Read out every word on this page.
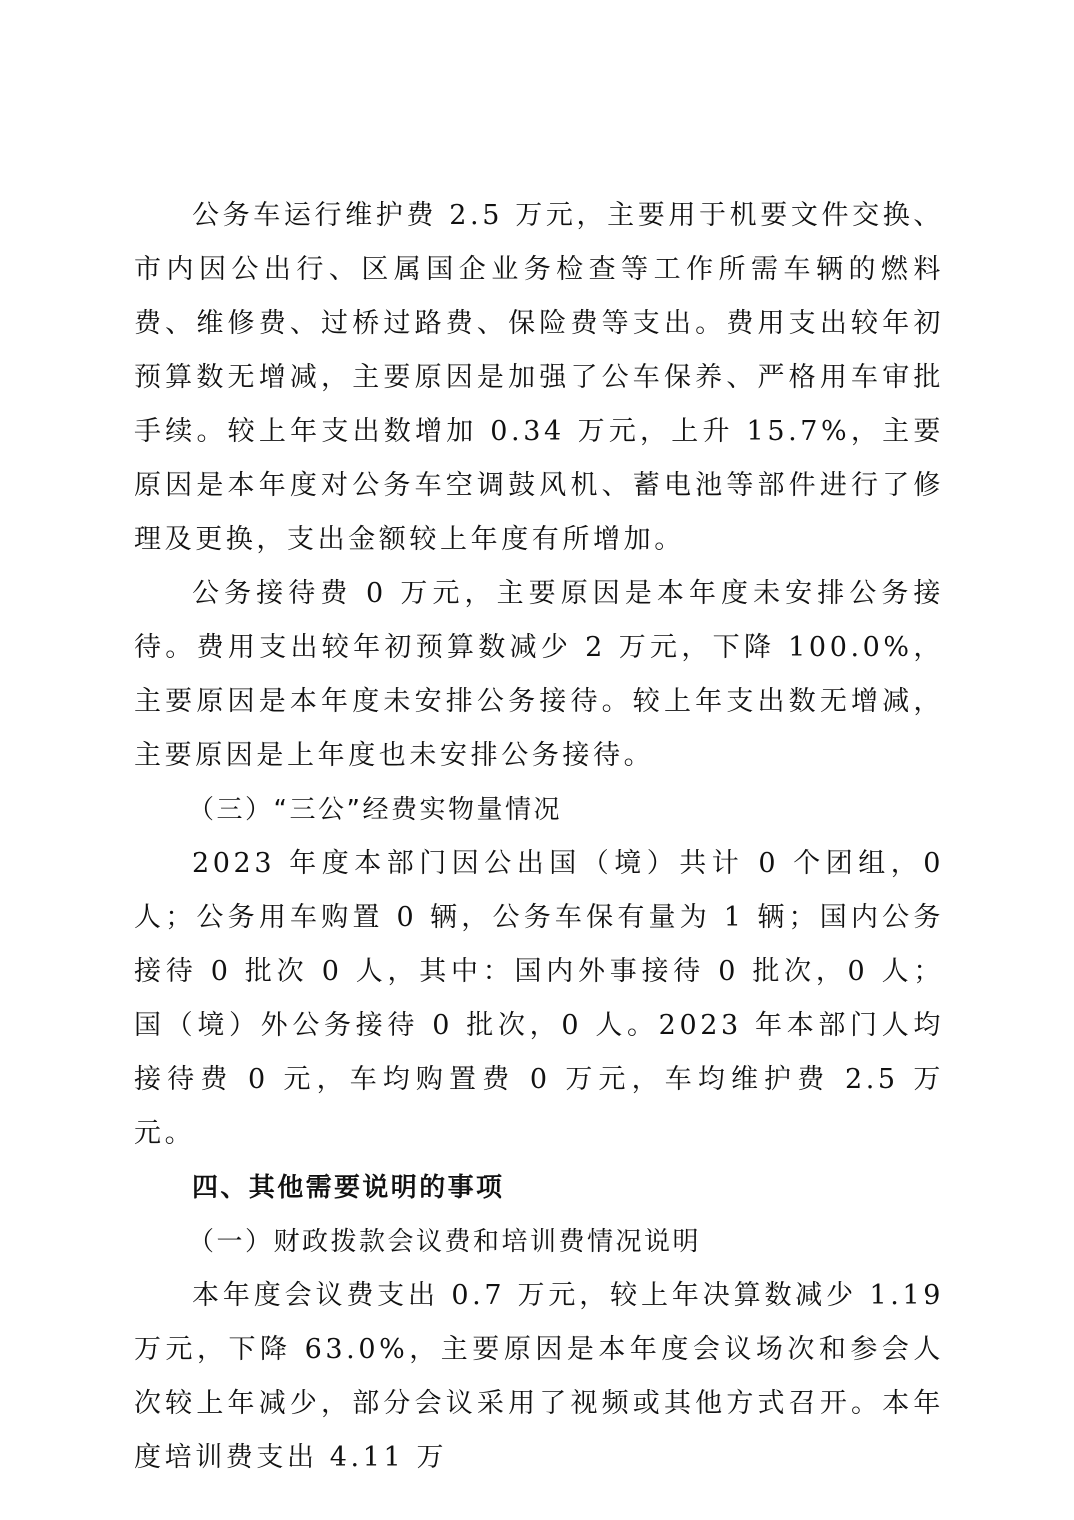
公务车运行维护费 2.5 万元，主要用于机要文件交换、市内因公出行、区属国企业务检查等工作所需车辆的燃料费、维修费、过桥过路费、保险费等支出。费用支出较年初预算数无增减，主要原因是加强了公车保养、严格用车审批手续。较上年支出数增加 0.34 万元，上升 15.7%，主要原因是本年度对公务车空调鼓风机、蓄电池等部件进行了修理及更换，支出金额较上年度有所增加。

公务接待费 0 万元，主要原因是本年度未安排公务接待。费用支出较年初预算数减少 2 万元，下降 100.0%，主要原因是本年度未安排公务接待。较上年支出数无增减，主要原因是上年度也未安排公务接待。

（三）“三公”经费实物量情况

2023 年度本部门因公出国（境）共计 0 个团组，0 人；公务用车购置 0 辆，公务车保有量为 1 辆；国内公务接待 0 批次 0 人，其中：国内外事接待 0 批次，0 人；国（境）外公务接待 0 批次，0 人。2023 年本部门人均接待费 0 元，车均购置费 0 万元，车均维护费 2.5 万元。

四、其他需要说明的事项
（一）财政拨款会议费和培训费情况说明

本年度会议费支出 0.7 万元，较上年决算数减少 1.19 万元，下降 63.0%，主要原因是本年度会议场次和参会人次较上年减少，部分会议采用了视频或其他方式召开。本年度培训费支出 4.11 万
